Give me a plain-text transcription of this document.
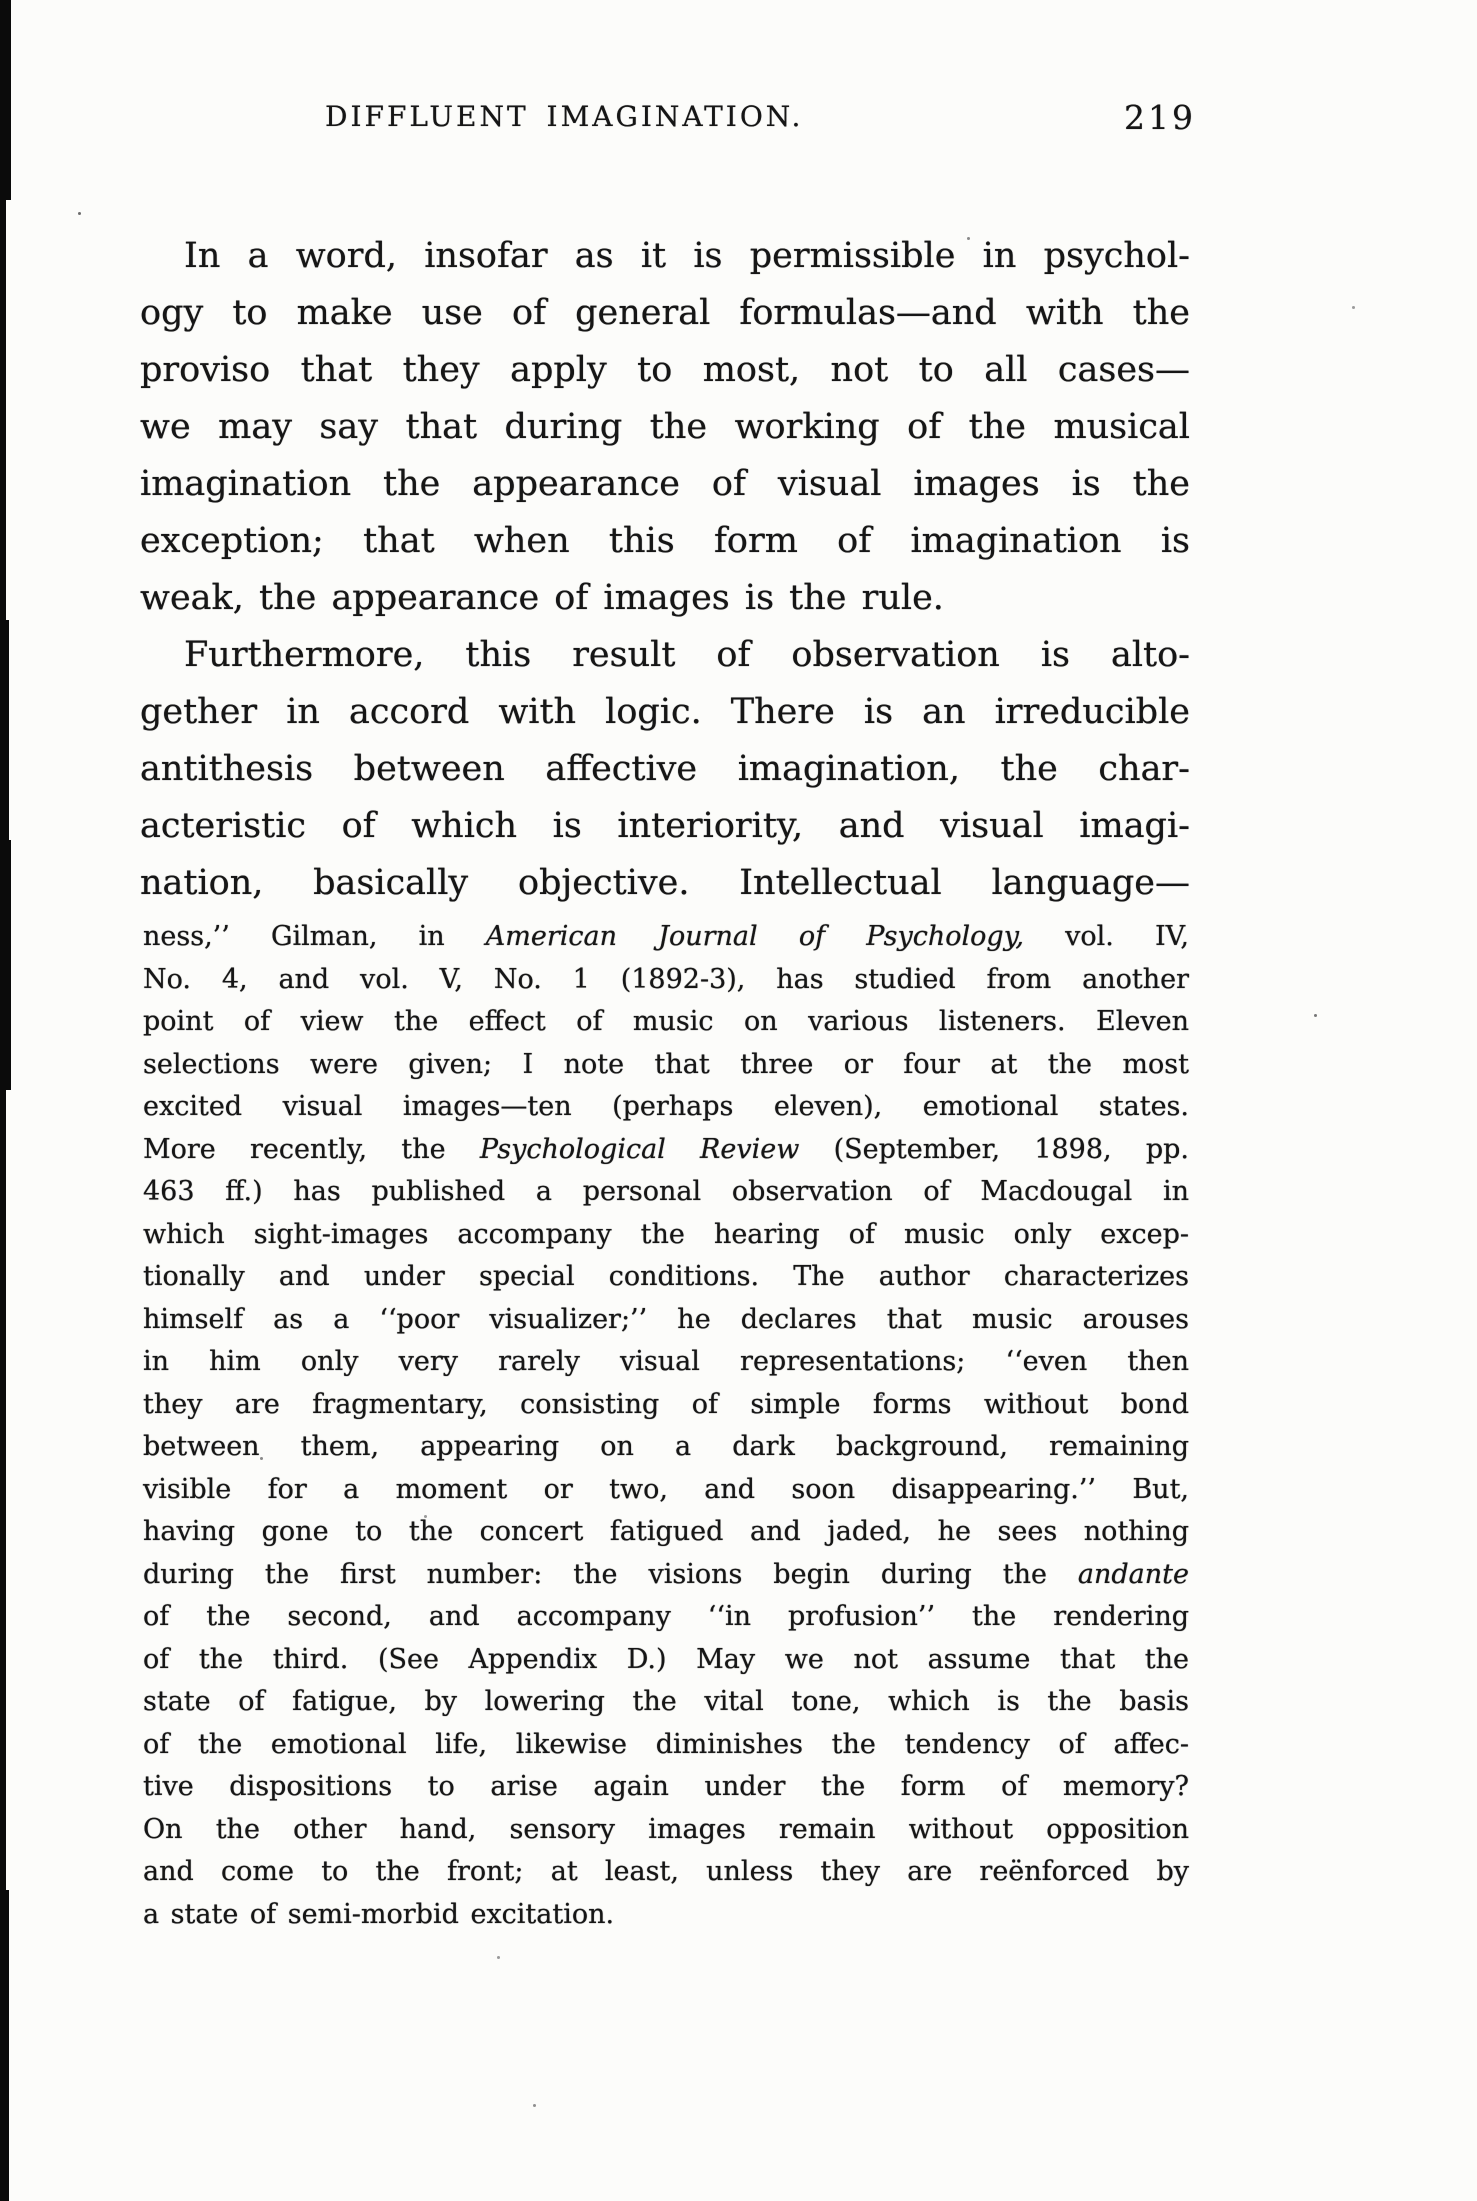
DIFFLUENT IMAGINATION.	219
In a word, insofar as it is permissible in psychol-
ogy to make use of general formulas—and with the
proviso that they apply to most, not to all cases—
we may say that during the working of the musical
imagination the appearance of visual images is the
exception; that when this form of imagination is
weak, the appearance of images is the rule.
Furthermore, this result of observation is alto-
gether in accord with logic. There is an irreducible
antithesis between affective imagination, the char-
acteristic of which is interiority, and visual imagi-
nation, basically objective. Intellectual language—
ness,’’ Gilman, in American Journal of Psychology, vol. IV,
No. 4, and vol. V, No. 1 (1892-3), has studied from another
point of view the effect of music on various listeners. Eleven
selections were given; I note that three or four at the most
excited visual images—ten (perhaps eleven), emotional states.
More recently, the Psychological Review (September, 1898, pp.
463 ff.) has published a personal observation of Macdougal in
which sight-images accompany the hearing of music only excep-
tionally and under special conditions. The author characterizes
himself as a ‘‘poor visualizer;’’ he declares that music arouses
in him only very rarely visual representations; ‘‘even then
they are fragmentary, consisting of simple forms without bond
between them, appearing on a dark background, remaining
visible for a moment or two, and soon disappearing.’’ But,
having gone to the concert fatigued and jaded, he sees nothing
during the first number: the visions begin during the andante
of the second, and accompany ‘‘in profusion’’ the rendering
of the third. (See Appendix D.) May we not assume that the
state of fatigue, by lowering the vital tone, which is the basis
of the emotional life, likewise diminishes the tendency of affec-
tive dispositions to arise again under the form of memory?
On the other hand, sensory images remain without opposition
and come to the front; at least, unless they are reënforced by
a state of semi-morbid excitation.
